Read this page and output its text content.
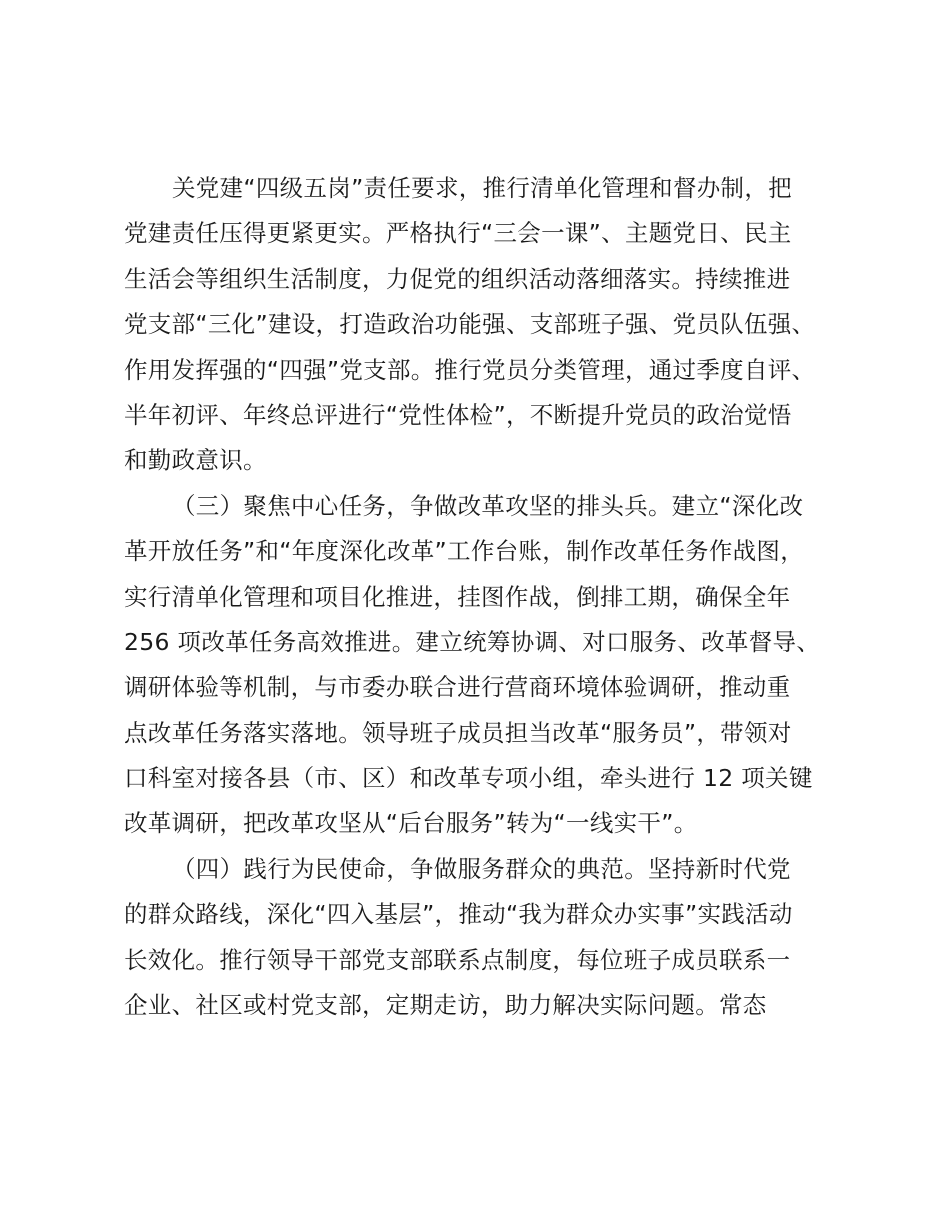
关党建“四级五岗”责任要求，推行清单化管理和督办制，把
党建责任压得更紧更实。严格执行“三会一课”、主题党日、民主
生活会等组织生活制度，力促党的组织活动落细落实。持续推进
党支部“三化”建设，打造政治功能强、支部班子强、党员队伍强、
作用发挥强的“四强”党支部。推行党员分类管理，通过季度自评、
半年初评、年终总评进行“党性体检”，不断提升党员的政治觉悟
和勤政意识。
（三）聚焦中心任务，争做改革攻坚的排头兵。建立“深化改
革开放任务”和“年度深化改革”工作台账，制作改革任务作战图，
实行清单化管理和项目化推进，挂图作战，倒排工期，确保全年
256 项改革任务高效推进。建立统筹协调、对口服务、改革督导、
调研体验等机制，与市委办联合进行营商环境体验调研，推动重
点改革任务落实落地。领导班子成员担当改革“服务员”，带领对
口科室对接各县（市、区）和改革专项小组，牵头进行 12 项关键
改革调研，把改革攻坚从“后台服务”转为“一线实干”。
（四）践行为民使命，争做服务群众的典范。坚持新时代党
的群众路线，深化“四入基层”，推动“我为群众办实事”实践活动
长效化。推行领导干部党支部联系点制度，每位班子成员联系一
企业、社区或村党支部，定期走访，助力解决实际问题。常态
